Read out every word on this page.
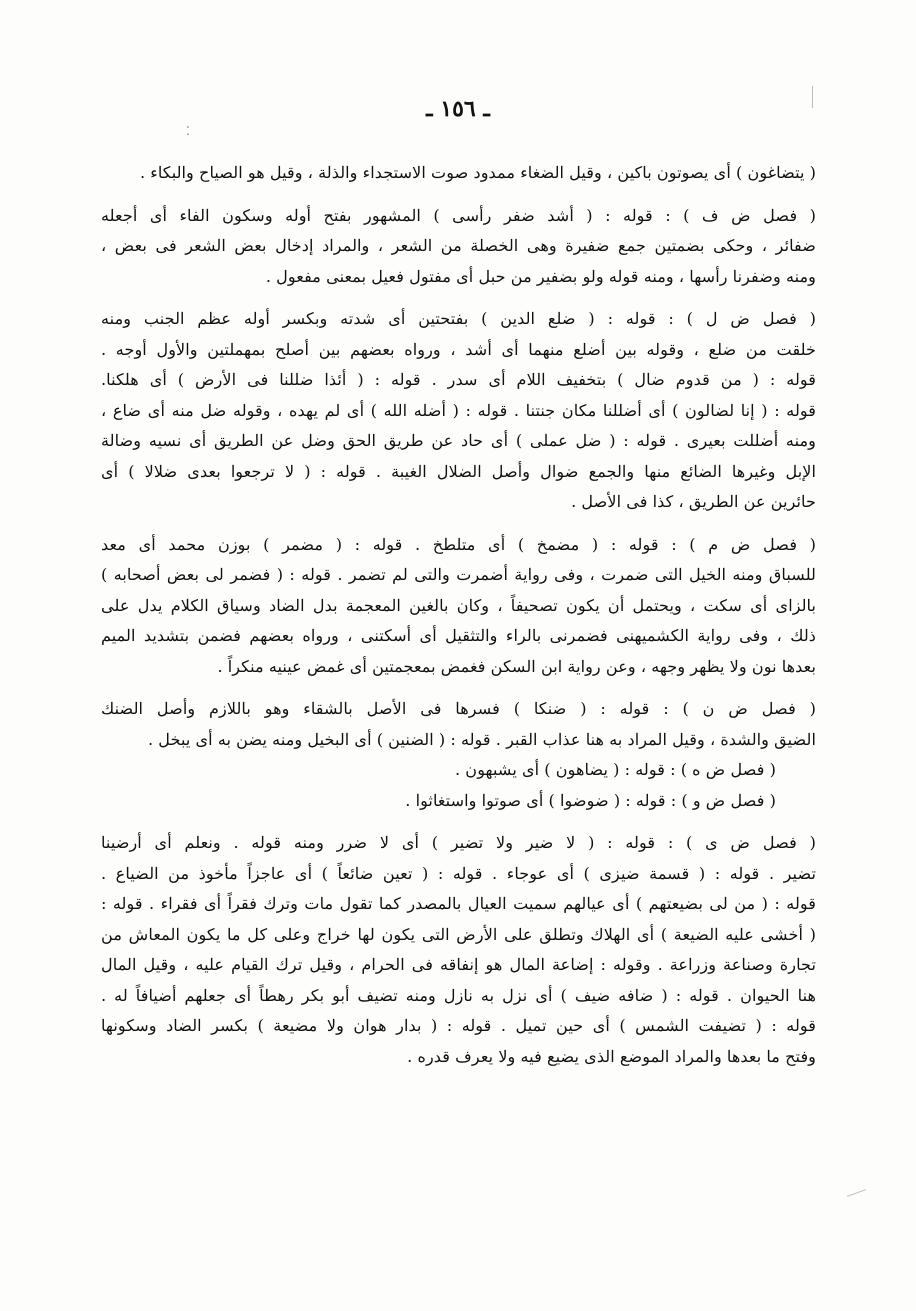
ـ ١٥٦ ـ
⁚
( يتضاغون ) أى يصوتون باكين ، وقيل الضغاء ممدود صوت الاستجداء والذلة ، وقيل هو الصياح والبكاء .
( فصل ض ف ) : قوله : ( أشد ضفر رأسى ) المشهور بفتح أوله وسكون الفاء أى أجعله
ضفائر ، وحكى بضمتين جمع ضفيرة وهى الخصلة من الشعر ، والمراد إدخال بعض الشعر فى بعض ،
ومنه وضفرنا رأسها ، ومنه قوله ولو بضفير من حبل أى مفتول فعيل بمعنى مفعول .
( فصل ض ل ) : قوله : ( ضلع الدين ) بفتحتين أى شدته وبكسر أوله عظم الجنب ومنه
خلقت من ضلع ، وقوله بين أضلع منهما أى أشد ، ورواه بعضهم بين أصلح بمهملتين والأول أوجه .
قوله : ( من قدوم ضال ) بتخفيف اللام أى سدر . قوله : ( أئذا ضللنا فى الأرض ) أى هلكنا.
قوله : ( إنا لضالون ) أى أضللنا مكان جنتنا . قوله : ( أضله الله ) أى لم يهده ، وقوله ضل منه أى ضاع ،
ومنه أضللت بعيرى . قوله : ( ضل عملى ) أى حاد عن طريق الحق وضل عن الطريق أى نسيه وضالة
الإبل وغيرها الضائع منها والجمع ضوال وأصل الضلال الغيبة . قوله : ( لا ترجعوا بعدى ضلالا ) أى
حائرين عن الطريق ، كذا فى الأصل .
( فصل ض م ) : قوله : ( مضمخ ) أى متلطخ . قوله : ( مضمر ) بوزن محمد أى معد
للسباق ومنه الخيل التى ضمرت ، وفى رواية أضمرت والتى لم تضمر . قوله : ( فضمر لى بعض أصحابه )
بالزاى أى سكت ، ويحتمل أن يكون تصحيفاً ، وكان بالغين المعجمة بدل الضاد وسياق الكلام يدل على
ذلك ، وفى رواية الكشميهنى فضمرنى بالراء والتثقيل أى أسكتنى ، ورواه بعضهم فضمن بتشديد الميم
بعدها نون ولا يظهر وجهه ، وعن رواية ابن السكن فغمض بمعجمتين أى غمض عينيه منكراً .
( فصل ض ن ) : قوله : ( ضنكا ) فسرها فى الأصل بالشقاء وهو باللازم وأصل الضنك
الضيق والشدة ، وقيل المراد به هنا عذاب القبر . قوله : ( الضنين ) أى البخيل ومنه يضن به أى يبخل .
( فصل ض ه ) : قوله : ( يضاهون ) أى يشبهون .
( فصل ض و ) : قوله : ( ضوضوا ) أى صوتوا واستغاثوا .
( فصل ض ى ) : قوله : ( لا ضير ولا تضير ) أى لا ضرر ومنه قوله . ونعلم أى أرضينا
تضير . قوله : ( قسمة ضيزى ) أى عوجاء . قوله : ( تعين ضائعاً ) أى عاجزاً مأخوذ من الضياع .
قوله : ( من لى بضيعتهم ) أى عيالهم سميت العيال بالمصدر كما تقول مات وترك فقراً أى فقراء . قوله :
( أخشى عليه الضيعة ) أى الهلاك وتطلق على الأرض التى يكون لها خراج وعلى كل ما يكون المعاش من
تجارة وصناعة وزراعة . وقوله : إضاعة المال هو إنفاقه فى الحرام ، وقيل ترك القيام عليه ، وقيل المال
هنا الحيوان . قوله : ( ضافه ضيف ) أى نزل به نازل ومنه تضيف أبو بكر رهطاً أى جعلهم أضيافاً له .
قوله : ( تضيفت الشمس ) أى حين تميل . قوله : ( بدار هوان ولا مضيعة ) بكسر الضاد وسكونها
وفتح ما بعدها والمراد الموضع الذى يضيع فيه ولا يعرف قدره .
